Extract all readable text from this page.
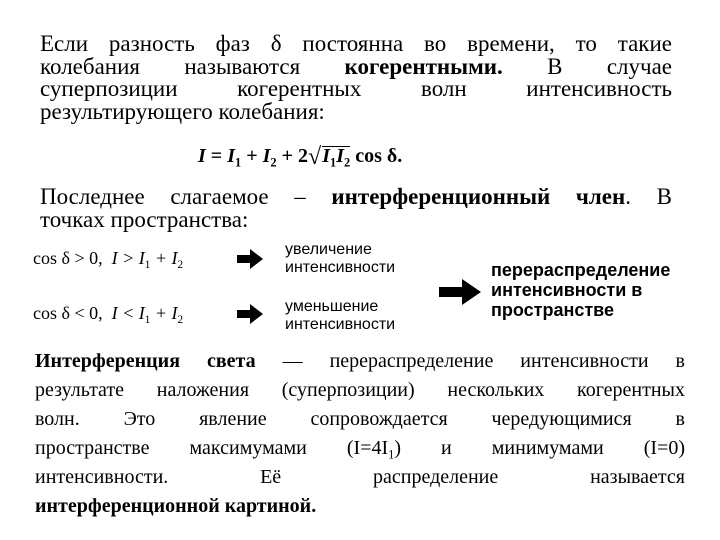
Если разность фаз δ постоянна во времени, то такие
колебания называются когерентными. В случае
суперпозиции когерентных волн интенсивность
результирующего колебания:
$I = I_1 + I_2 + 2√I_1I_2$ cos δ.
Последнее слагаемое – интерференционный член. В
точках пространства:
cos δ > 0, $I > I_1 + I_2$
увеличение
интенсивности
cos δ < 0, $I < I_1 + I_2$
уменьшение
интенсивности
перераспределение
интенсивности в
пространстве
Интерференция света — перераспределение интенсивности в
результате наложения (суперпозиции) нескольких когерентных
волн. Это явление сопровождается чередующимися в
пространстве максимумами $(I=4I_1)$ и минимумами (I=0)
интенсивности. Её распределение называется
интерференционной картиной.
